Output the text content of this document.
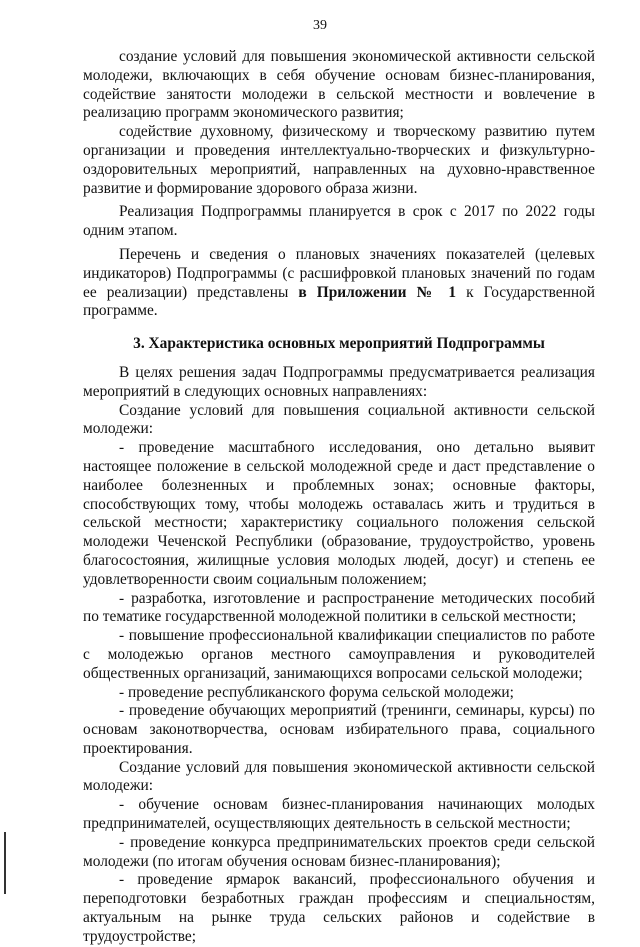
39

создание условий для повышения экономической активности сельской молодежи, включающих в себя обучение основам бизнес-планирования, содействие занятости молодежи в сельской местности и вовлечение в реализацию программ экономического развития;

содействие духовному, физическому и творческому развитию путем организации и проведения интеллектуально-творческих и физкультурно-оздоровительных мероприятий, направленных на духовно-нравственное развитие и формирование здорового образа жизни.

Реализация Подпрограммы планируется в срок с 2017 по 2022 годы одним этапом.

Перечень и сведения о плановых значениях показателей (целевых индикаторов) Подпрограммы (с расшифровкой плановых значений по годам ее реализации) представлены в Приложении № 1 к Государственной программе.

3. Характеристика основных мероприятий Подпрограммы

В целях решения задач Подпрограммы предусматривается реализация мероприятий в следующих основных направлениях:

Создание условий для повышения социальной активности сельской молодежи:

- проведение масштабного исследования, оно детально выявит настоящее положение в сельской молодежной среде и даст представление о наиболее болезненных и проблемных зонах; основные факторы, способствующих тому, чтобы молодежь оставалась жить и трудиться в сельской местности; характеристику социального положения сельской молодежи Чеченской Республики (образование, трудоустройство, уровень благосостояния, жилищные условия молодых людей, досуг) и степень ее удовлетворенности своим социальным положением;

- разработка, изготовление и распространение методических пособий по тематике государственной молодежной политики в сельской местности;

- повышение профессиональной квалификации специалистов по работе с молодежью органов местного самоуправления и руководителей общественных организаций, занимающихся вопросами сельской молодежи;

- проведение республиканского форума сельской молодежи;

- проведение обучающих мероприятий (тренинги, семинары, курсы) по основам законотворчества, основам избирательного права, социального проектирования.

Создание условий для повышения экономической активности сельской молодежи:

- обучение основам бизнес-планирования начинающих молодых предпринимателей, осуществляющих деятельность в сельской местности;

- проведение конкурса предпринимательских проектов среди сельской молодежи (по итогам обучения основам бизнес-планирования);

- проведение ярмарок вакансий, профессионального обучения и переподготовки безработных граждан профессиям и специальностям, актуальным на рынке труда сельских районов и содействие в трудоустройстве;
